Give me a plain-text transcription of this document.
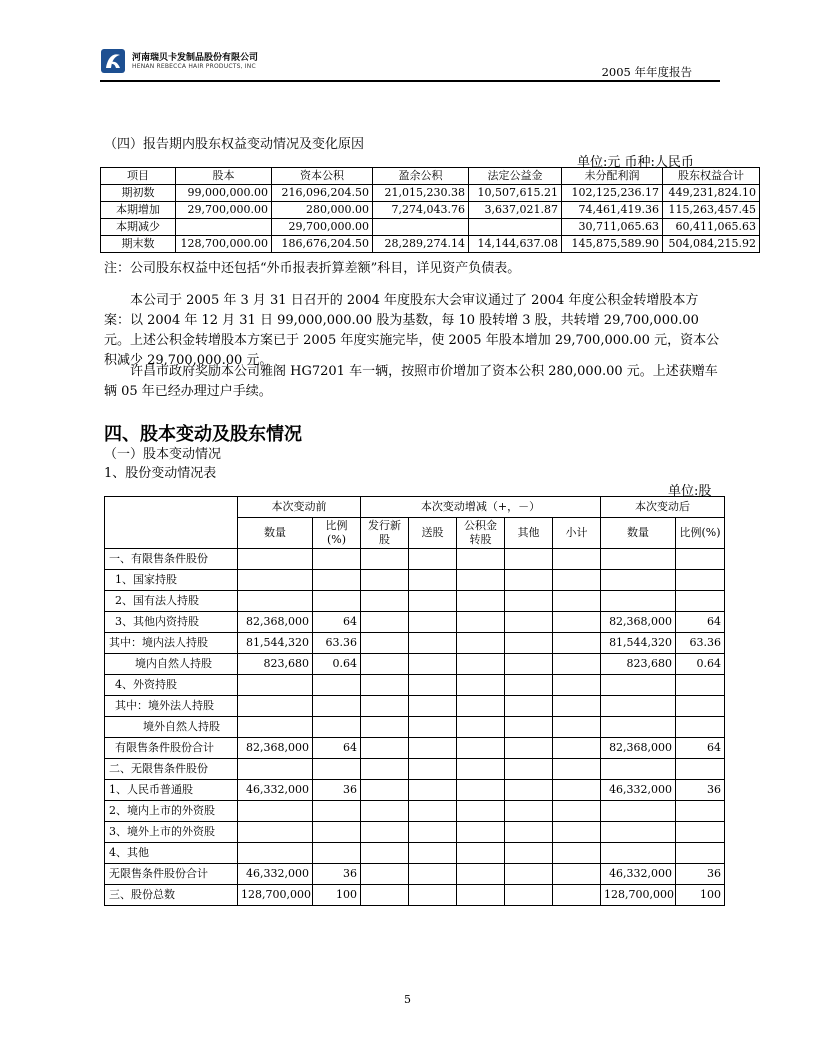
河南瑞贝卡发制品股份有限公司
HENAN REBECCA HAIR PRODUCTS, INC	2005 年年度报告
（四）报告期内股东权益变动情况及变化原因
单位:元 币种:人民币
项目	股本	资本公积	盈余公积	法定公益金	未分配利润	股东权益合计
期初数	99,000,000.00	216,096,204.50	21,015,230.38	10,507,615.21	102,125,236.17	449,231,824.10
本期增加	29,700,000.00	280,000.00	7,274,043.76	3,637,021.87	74,461,419.36	115,263,457.45
本期减少		29,700,000.00			30,711,065.63	60,411,065.63
期末数	128,700,000.00	186,676,204.50	28,289,274.14	14,144,637.08	145,875,589.90	504,084,215.92
注：公司股东权益中还包括“外币报表折算差额”科目，详见资产负债表。
本公司于 2005 年 3 月 31 日召开的 2004 年度股东大会审议通过了 2004 年度公积金转增股本方案：以 2004 年 12 月 31 日 99,000,000.00 股为基数，每 10 股转增 3 股，共转增 29,700,000.00 元。上述公积金转增股本方案已于 2005 年度实施完毕，使 2005 年股本增加 29,700,000.00 元，资本公积减少 29,700,000.00 元。
许昌市政府奖励本公司雅阁 HG7201 车一辆，按照市价增加了资本公积 280,000.00 元。上述获赠车辆 05 年已经办理过户手续。
四、股本变动及股东情况
（一）股本变动情况
1、股份变动情况表
单位:股
	本次变动前		本次变动增减（+，－）					本次变动后	
	数量	比例(%)	发行新股	送股	公积金转股	其他	小计	数量	比例(%)
一、有限售条件股份									
1、国家持股									
2、国有法人持股									
3、其他内资持股	82,368,000	64						82,368,000	64
其中：境内法人持股	81,544,320	63.36						81,544,320	63.36
境内自然人持股	823,680	0.64						823,680	0.64
4、外资持股									
其中：境外法人持股									
境外自然人持股									
有限售条件股份合计	82,368,000	64						82,368,000	64
二、无限售条件股份									
1、人民币普通股	46,332,000	36						46,332,000	36
2、境内上市的外资股									
3、境外上市的外资股									
4、其他									
无限售条件股份合计	46,332,000	36						46,332,000	36
三、股份总数	128,700,000	100						128,700,000	100
5
